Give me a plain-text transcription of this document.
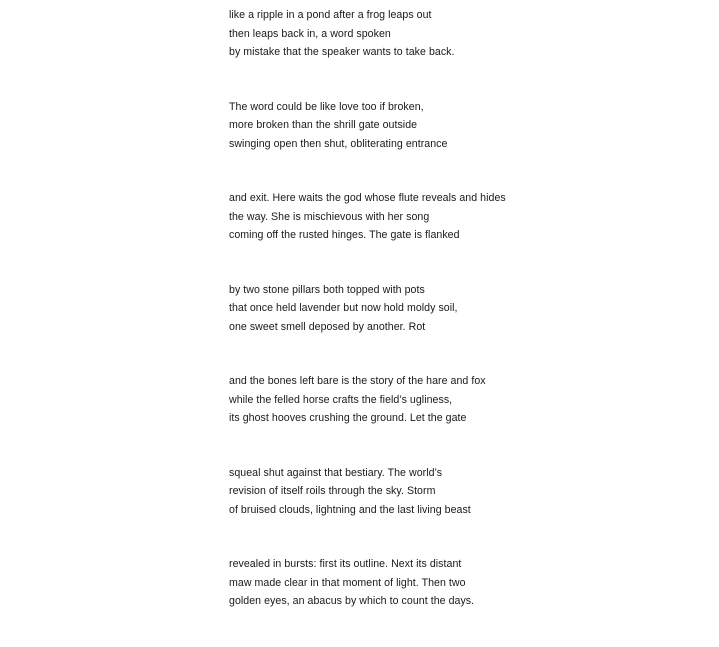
like a ripple in a pond after a frog leaps out
then leaps back in, a word spoken
by mistake that the speaker wants to take back.
The word could be like love too if broken,
more broken than the shrill gate outside
swinging open then shut, obliterating entrance
and exit. Here waits the god whose flute reveals and hides
the way. She is mischievous with her song
coming off the rusted hinges. The gate is flanked
by two stone pillars both topped with pots
that once held lavender but now hold moldy soil,
one sweet smell deposed by another. Rot
and the bones left bare is the story of the hare and fox
while the felled horse crafts the field’s ugliness,
its ghost hooves crushing the ground. Let the gate
squeal shut against that bestiary. The world’s
revision of itself roils through the sky. Storm
of bruised clouds, lightning and the last living beast
revealed in bursts: first its outline. Next its distant
maw made clear in that moment of light. Then two
golden eyes, an abacus by which to count the days.
